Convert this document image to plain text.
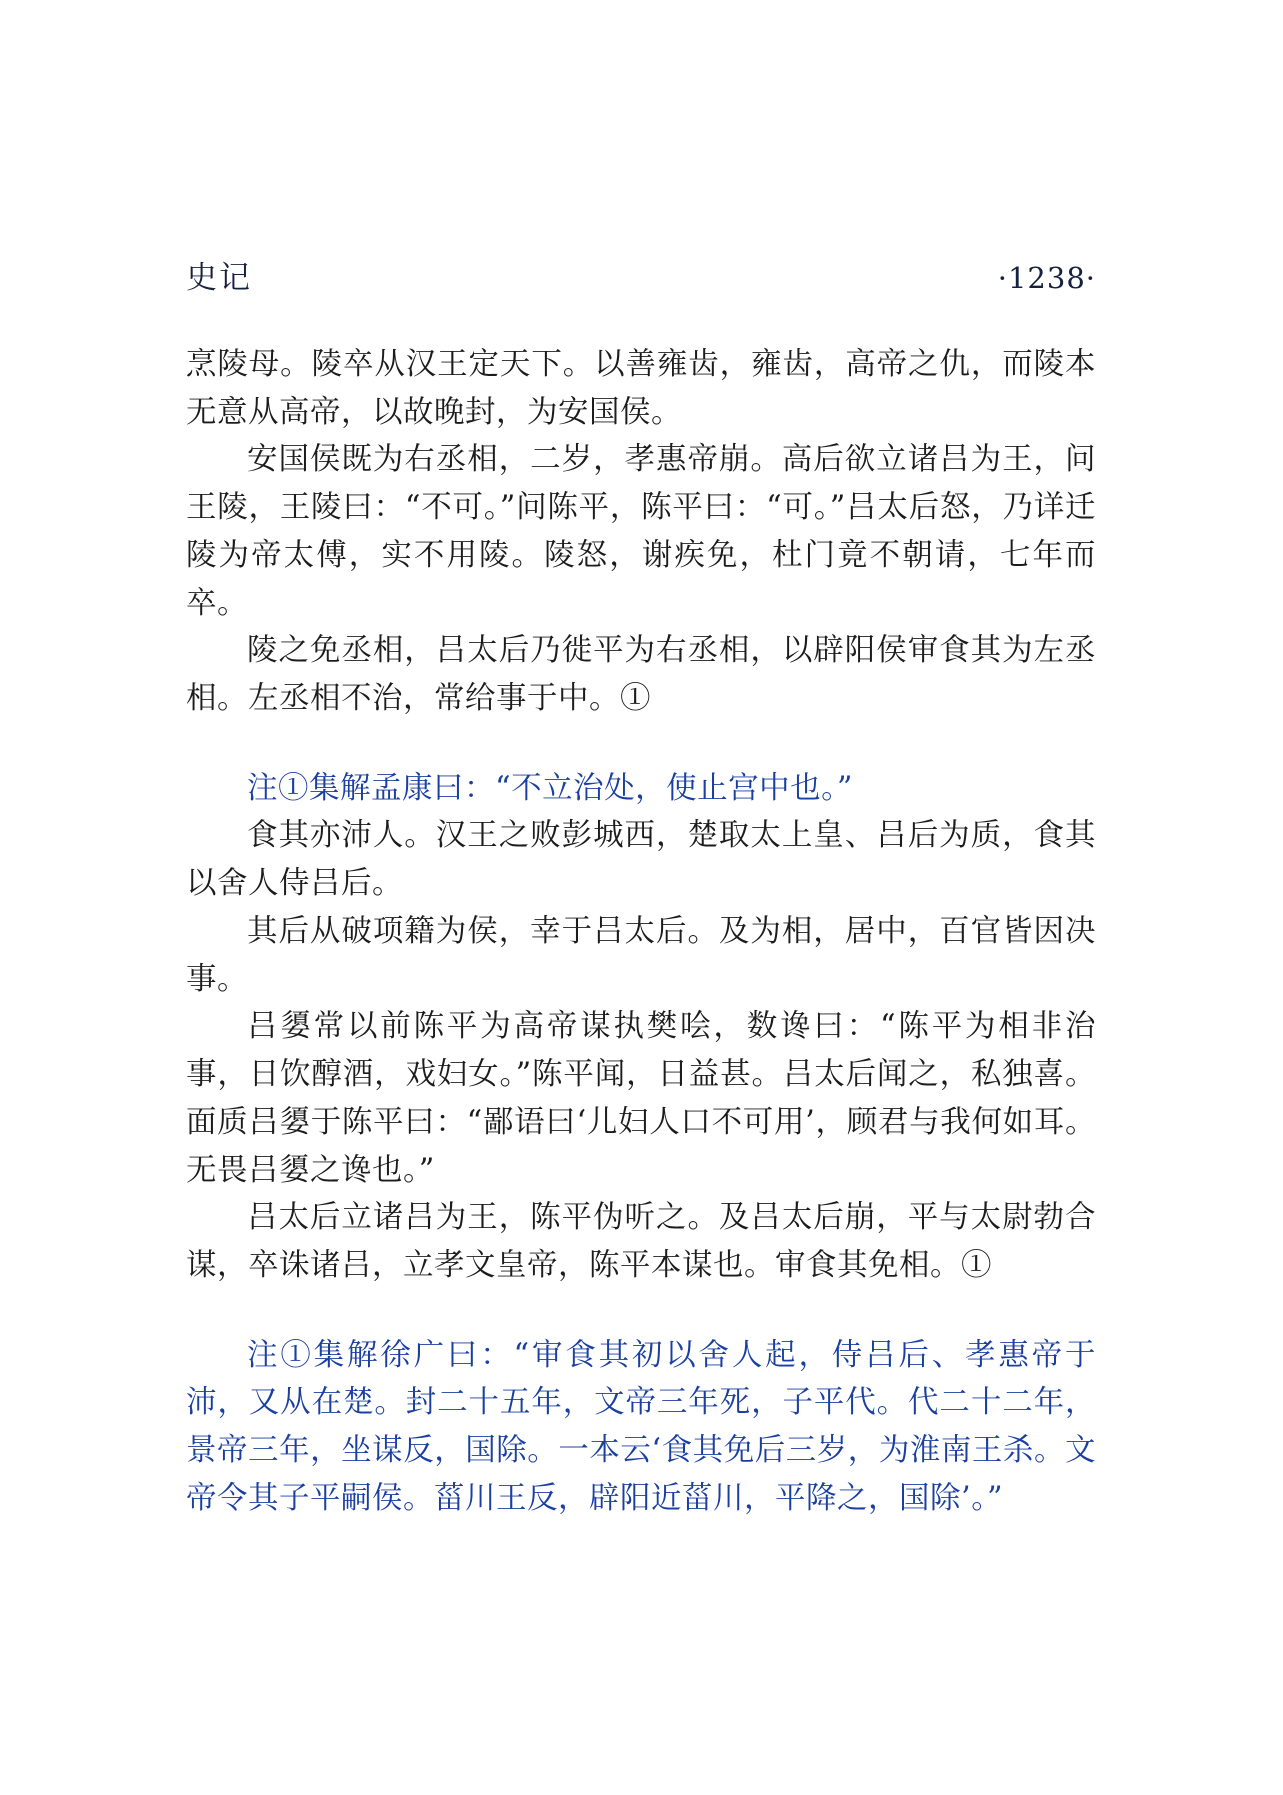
史记	·1238·

烹陵母。陵卒从汉王定天下。以善雍齿，雍齿，高帝之仇，而陵本无意从高帝，以故晚封，为安国侯。

安国侯既为右丞相，二岁，孝惠帝崩。高后欲立诸吕为王，问王陵，王陵曰：“不可。”问陈平，陈平曰：“可。”吕太后怒，乃详迁陵为帝太傅，实不用陵。陵怒，谢疾免，杜门竟不朝请，七年而卒。

陵之免丞相，吕太后乃徙平为右丞相，以辟阳侯审食其为左丞相。左丞相不治，常给事于中。①

注①集解孟康曰：“不立治处，使止宫中也。”

食其亦沛人。汉王之败彭城西，楚取太上皇、吕后为质，食其以舍人侍吕后。

其后从破项籍为侯，幸于吕太后。及为相，居中，百官皆因决事。

吕嬃常以前陈平为高帝谋执樊哙，数谗曰：“陈平为相非治事，日饮醇酒，戏妇女。”陈平闻，日益甚。吕太后闻之，私独喜。面质吕嬃于陈平曰：“鄙语曰‘儿妇人口不可用’，顾君与我何如耳。无畏吕嬃之谗也。”

吕太后立诸吕为王，陈平伪听之。及吕太后崩，平与太尉勃合谋，卒诛诸吕，立孝文皇帝，陈平本谋也。审食其免相。①

注①集解徐广曰：“审食其初以舍人起，侍吕后、孝惠帝于沛，又从在楚。封二十五年，文帝三年死，子平代。代二十二年，景帝三年，坐谋反，国除。一本云‘食其免后三岁，为淮南王杀。文帝令其子平嗣侯。菑川王反，辟阳近菑川，平降之，国除’。”
